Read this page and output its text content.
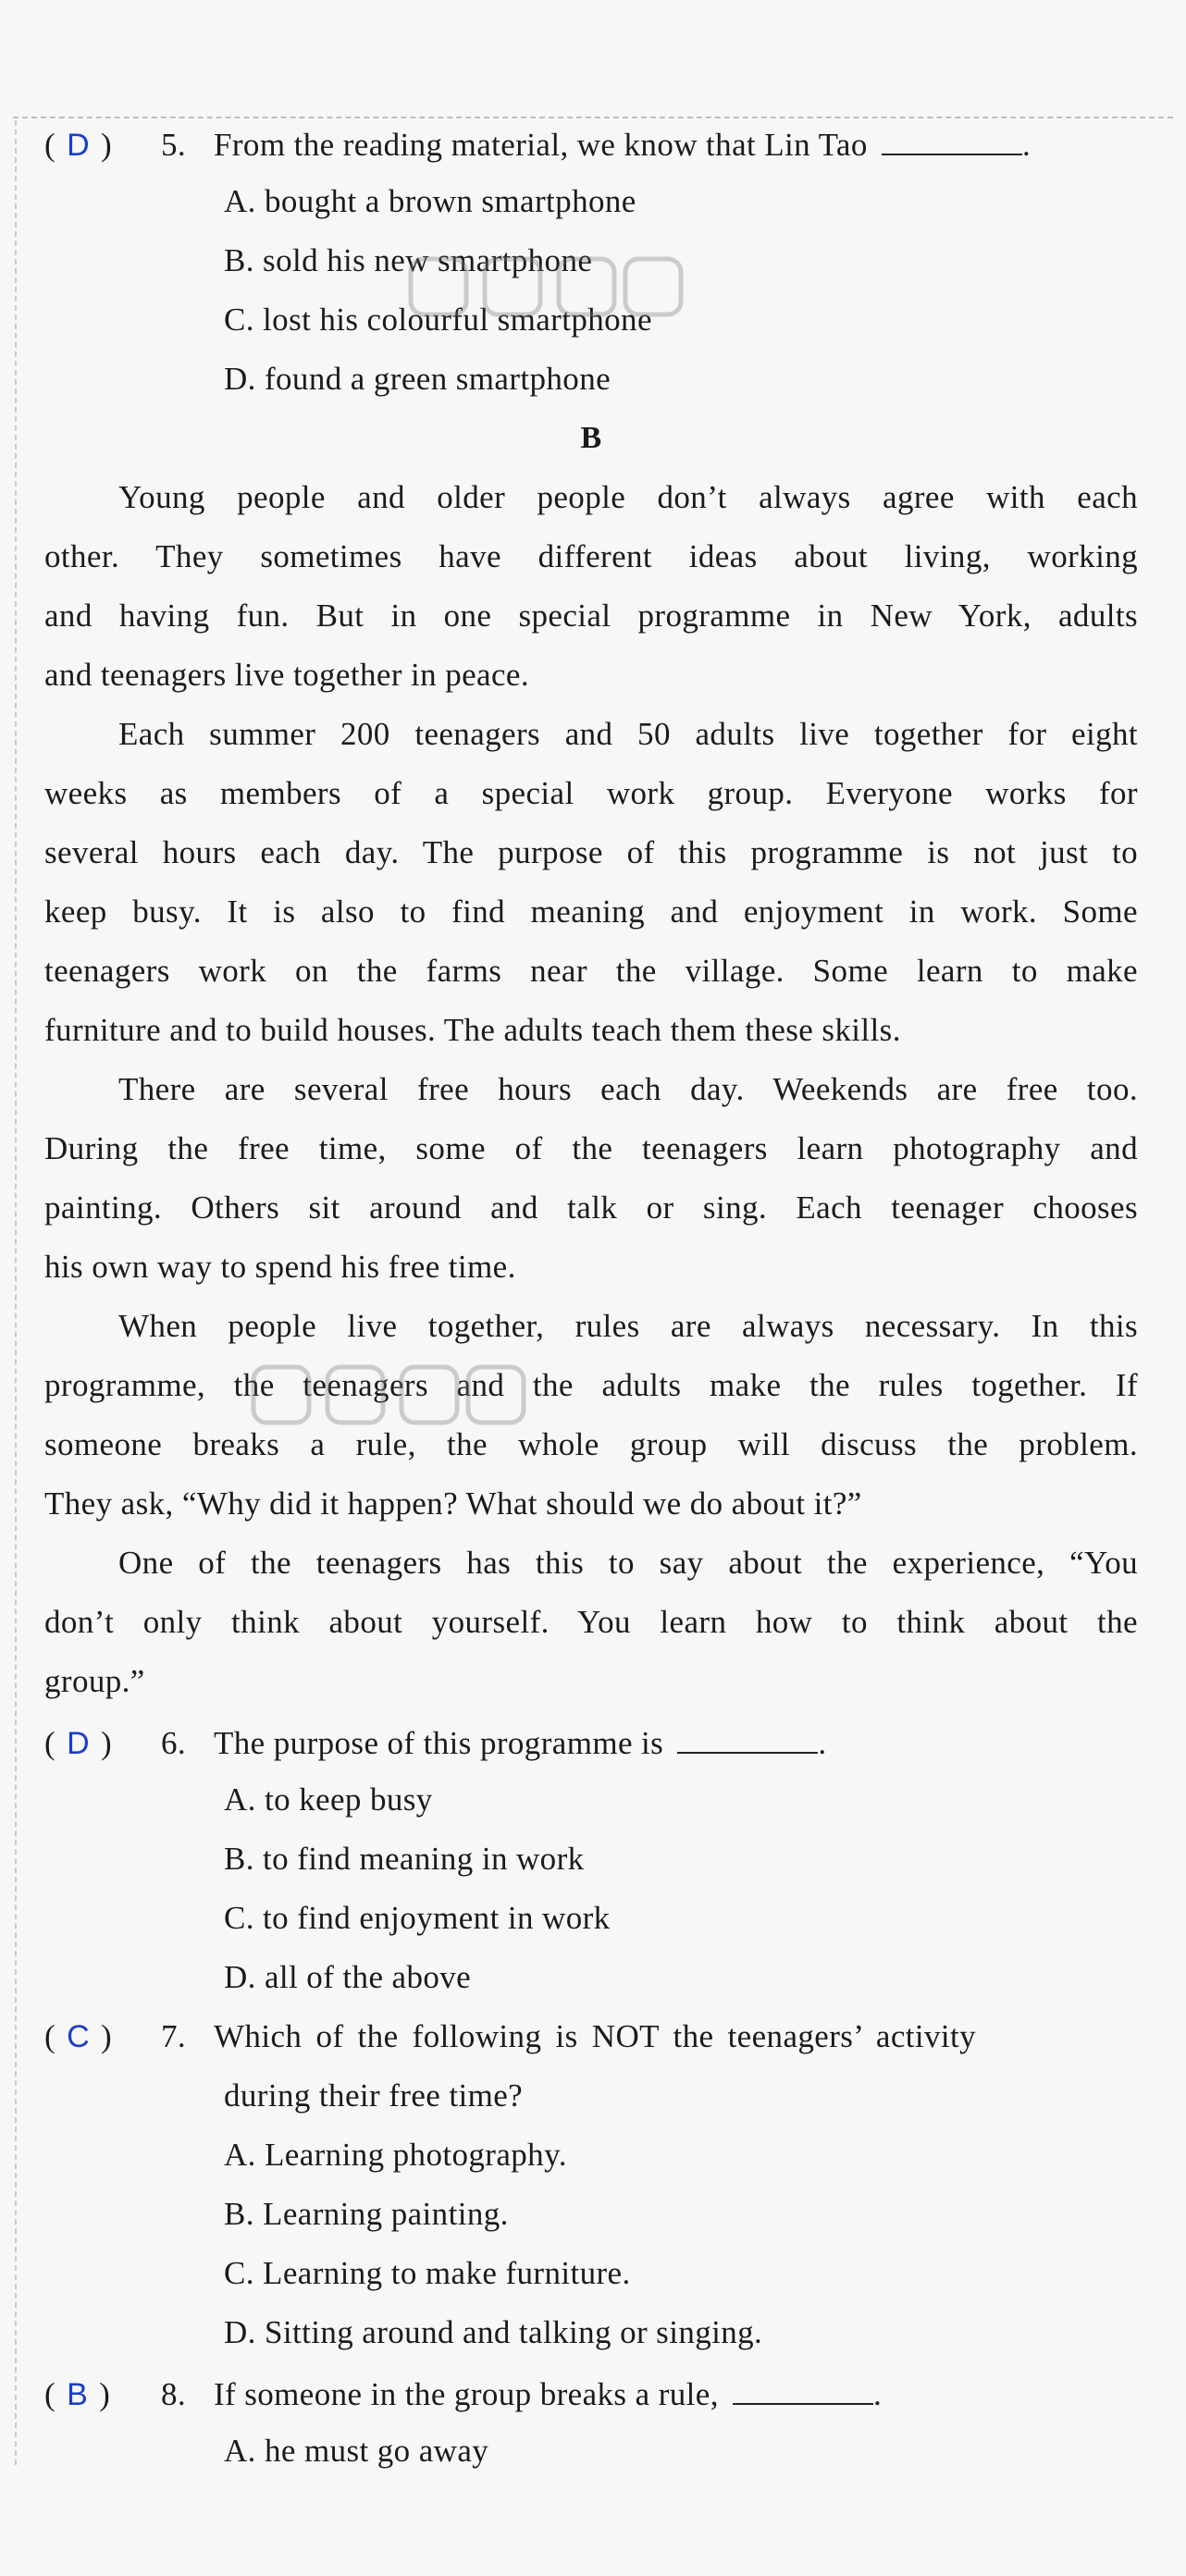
( D ) 5. From the reading material, we know that Lin Tao	.
A. bought a brown smartphone
B. sold his new smartphone
C. lost his colourful smartphone
D. found a green smartphone
B
Young people and older people don’t always agree with each
other. They sometimes have different ideas about living, working
and having fun. But in one special programme in New York, adults
and teenagers live together in peace.
Each summer 200 teenagers and 50 adults live together for eight
weeks as members of a special work group. Everyone works for
several hours each day. The purpose of this programme is not just to
keep busy. It is also to find meaning and enjoyment in work. Some
teenagers work on the farms near the village. Some learn to make
furniture and to build houses. The adults teach them these skills.
There are several free hours each day. Weekends are free too.
During the free time, some of the teenagers learn photography and
painting. Others sit around and talk or sing. Each teenager chooses
his own way to spend his free time.
When people live together, rules are always necessary. In this
programme, the teenagers and the adults make the rules together. If
someone breaks a rule, the whole group will discuss the problem.
They ask, “Why did it happen? What should we do about it?”
One of the teenagers has this to say about the experience, “You
don’t only think about yourself. You learn how to think about the
group.”
( D ) 6. The purpose of this programme is	.
A. to keep busy
B. to find meaning in work
C. to find enjoyment in work
D. all of the above
( C ) 7. Which of the following is NOT the teenagers’ activity
during their free time?
A. Learning photography.
B. Learning painting.
C. Learning to make furniture.
D. Sitting around and talking or singing.
( B ) 8. If someone in the group breaks a rule,	.
A. he must go away
